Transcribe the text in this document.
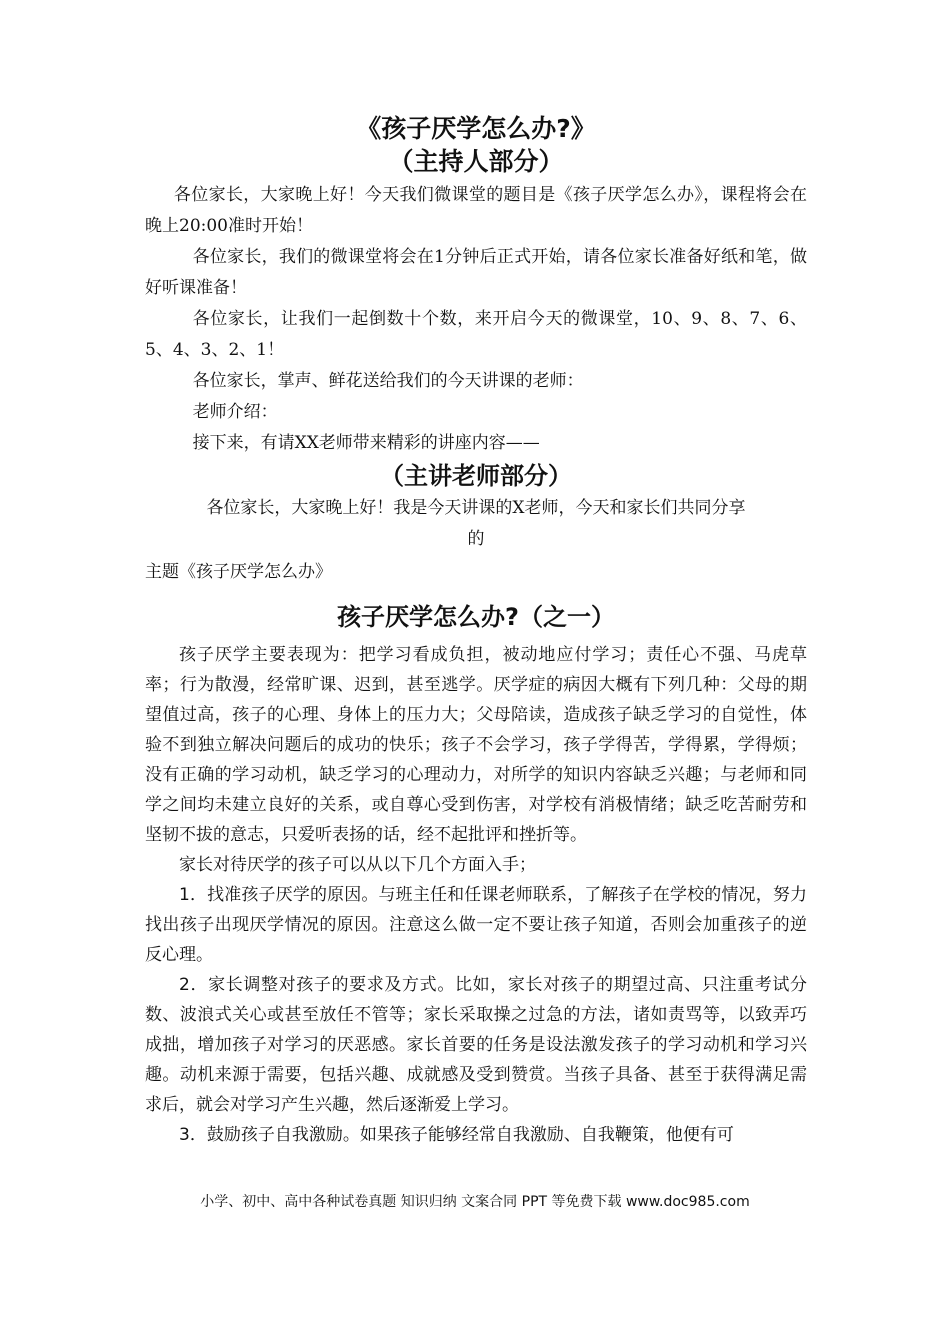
《孩子厌学怎么办?》
（主持人部分）

各位家长，大家晚上好！今天我们微课堂的题目是《孩子厌学怎么办》，课程将会在晚上20:00准时开始！

各位家长，我们的微课堂将会在1分钟后正式开始，请各位家长准备好纸和笔，做好听课准备！

各位家长，让我们一起倒数十个数，来开启今天的微课堂，10、9、8、7、6、5、4、3、2、1！

各位家长，掌声、鲜花送给我们的今天讲课的老师：

老师介绍：

接下来，有请XX老师带来精彩的讲座内容——

（主讲老师部分）

各位家长，大家晚上好！我是今天讲课的X老师，今天和家长们共同分享

的

主题《孩子厌学怎么办》

孩子厌学怎么办?（之一）

孩子厌学主要表现为：把学习看成负担，被动地应付学习；责任心不强、马虎草率；行为散漫，经常旷课、迟到，甚至逃学。厌学症的病因大概有下列几种：父母的期望值过高，孩子的心理、身体上的压力大；父母陪读，造成孩子缺乏学习的自觉性，体验不到独立解决问题后的成功的快乐；孩子不会学习，孩子学得苦，学得累，学得烦；没有正确的学习动机，缺乏学习的心理动力，对所学的知识内容缺乏兴趣；与老师和同学之间均未建立良好的关系，或自尊心受到伤害，对学校有消极情绪；缺乏吃苦耐劳和坚韧不拔的意志，只爱听表扬的话，经不起批评和挫折等。

家长对待厌学的孩子可以从以下几个方面入手；

1．找准孩子厌学的原因。与班主任和任课老师联系，了解孩子在学校的情况，努力找出孩子出现厌学情况的原因。注意这么做一定不要让孩子知道，否则会加重孩子的逆反心理。

2．家长调整对孩子的要求及方式。比如，家长对孩子的期望过高、只注重考试分数、波浪式关心或甚至放任不管等；家长采取操之过急的方法，诸如责骂等，以致弄巧成拙，增加孩子对学习的厌恶感。家长首要的任务是设法激发孩子的学习动机和学习兴趣。动机来源于需要，包括兴趣、成就感及受到赞赏。当孩子具备、甚至于获得满足需求后，就会对学习产生兴趣，然后逐渐爱上学习。

3．鼓励孩子自我激励。如果孩子能够经常自我激励、自我鞭策，他便有可

小学、初中、高中各种试卷真题 知识归纳 文案合同 PPT 等免费下载 www.doc985.com
